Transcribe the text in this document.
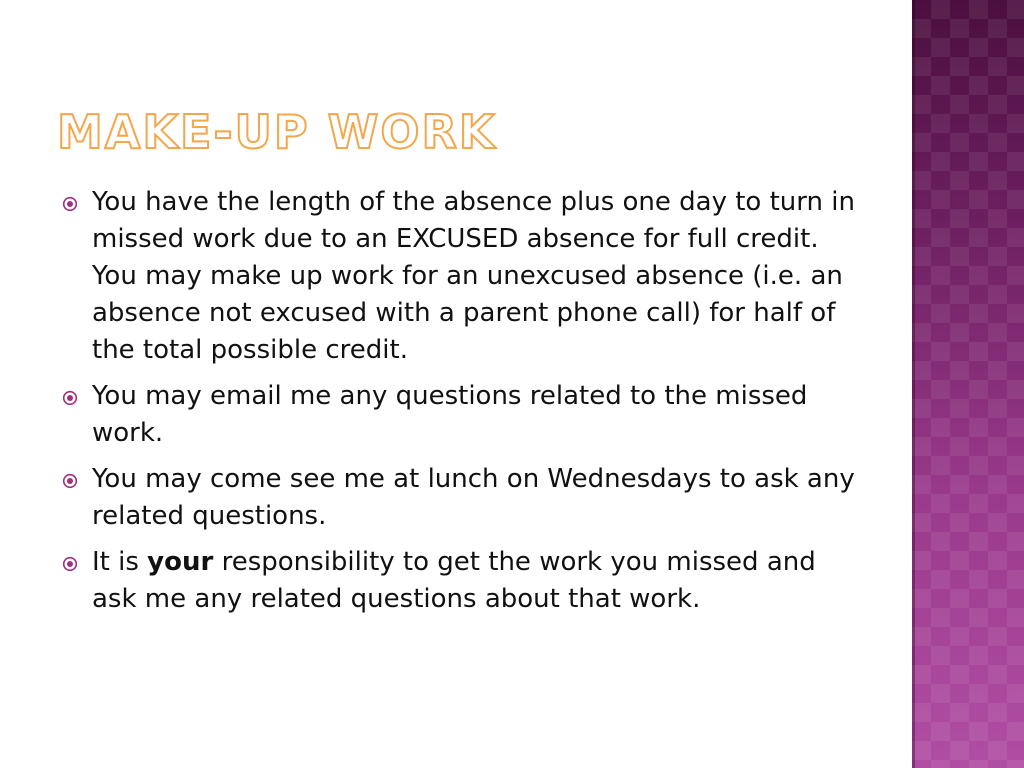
MAKE-UP WORK
You have the length of the absence plus one day to turn in missed work due to an EXCUSED absence for full credit. You may make up work for an unexcused absence (i.e. an absence not excused with a parent phone call) for half of the total possible credit.
You may email me any questions related to the missed work.
You may come see me at lunch on Wednesdays to ask any related questions.
It is your responsibility to get the work you missed and ask me any related questions about that work.
